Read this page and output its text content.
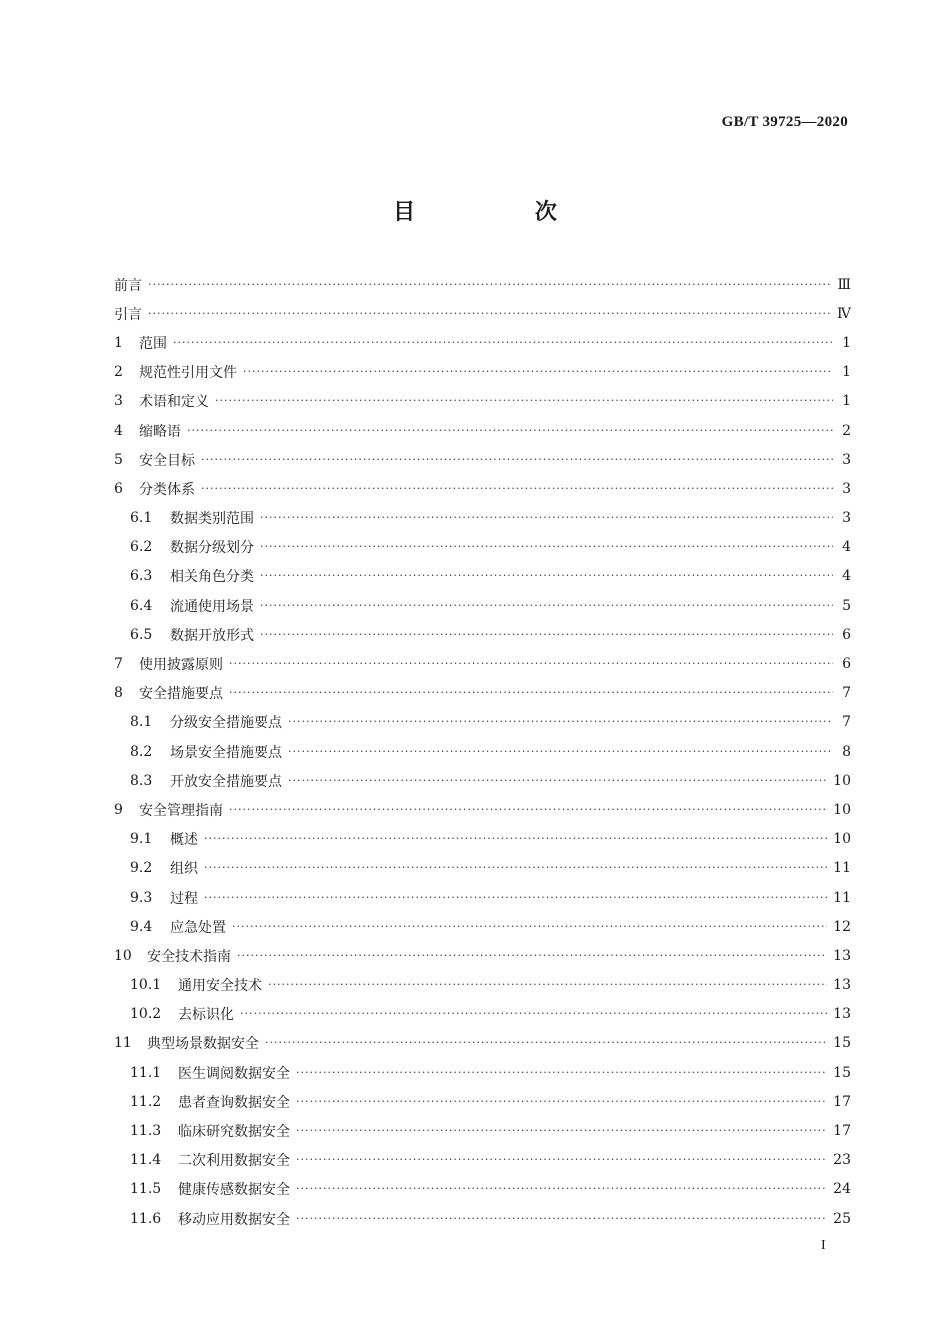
GB/T 39725—2020
目 次
前言 ·····	Ⅲ
引言 ·····	Ⅳ
1	范围 ·····	1
2	规范性引用文件 ·····	1
3	术语和定义 ·····	1
4	缩略语 ·····	2
5	安全目标 ·····	3
6	分类体系 ·····	3
6.1	数据类别范围 ·····	3
6.2	数据分级划分 ·····	4
6.3	相关角色分类 ·····	4
6.4	流通使用场景 ·····	5
6.5	数据开放形式 ·····	6
7	使用披露原则 ·····	6
8	安全措施要点 ·····	7
8.1	分级安全措施要点 ·····	7
8.2	场景安全措施要点 ·····	8
8.3	开放安全措施要点 ·····	10
9	安全管理指南 ·····	10
9.1	概述 ·····	10
9.2	组织 ·····	11
9.3	过程 ·····	11
9.4	应急处置 ·····	12
10	安全技术指南 ·····	13
10.1	通用安全技术 ·····	13
10.2	去标识化 ·····	13
11	典型场景数据安全 ·····	15
11.1	医生调阅数据安全 ·····	15
11.2	患者查询数据安全 ·····	17
11.3	临床研究数据安全 ·····	17
11.4	二次利用数据安全 ·····	23
11.5	健康传感数据安全 ·····	24
11.6	移动应用数据安全 ·····	25
I
